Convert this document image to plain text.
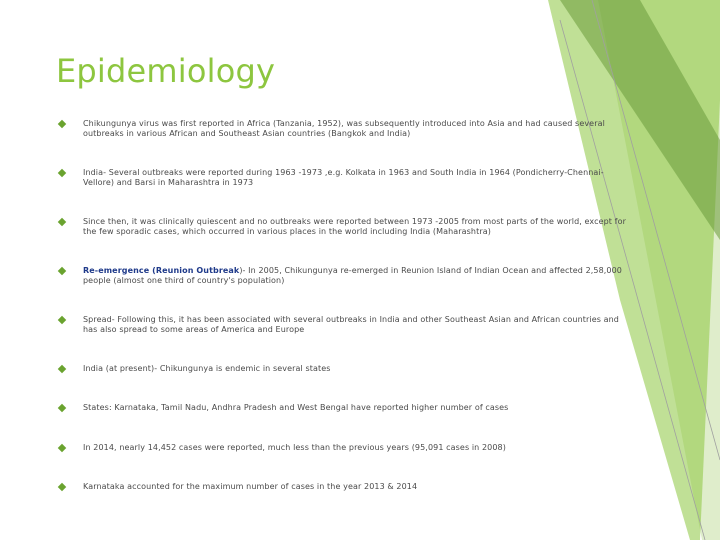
Epidemiology
Chikungunya virus was first reported in Africa (Tanzania, 1952), was subsequently introduced into Asia and had caused several outbreaks in various African and Southeast Asian countries (Bangkok and India)
India- Several outbreaks were reported during 1963 -1973 ,e.g. Kolkata in 1963 and South India in 1964 (Pondicherry-Chennai-Vellore) and Barsi in Maharashtra in 1973
Since then, it was clinically quiescent and no outbreaks were reported between 1973 -2005 from most parts of the world, except for the few sporadic cases, which occurred in various places in the world including India (Maharashtra)
Re-emergence (Reunion Outbreak)- In 2005, Chikungunya re-emerged in Reunion Island of Indian Ocean and affected 2,58,000 people (almost one third of country's population)
Spread- Following this, it has been associated with several outbreaks in India and other Southeast Asian and African countries and has also spread to some areas of America and Europe
India (at present)- Chikungunya is endemic in several states
States: Karnataka, Tamil Nadu, Andhra Pradesh and West Bengal have reported higher number of cases
In 2014, nearly 14,452 cases were reported, much less than the previous years (95,091 cases in 2008)
Karnataka accounted for the maximum number of cases in the year 2013 & 2014
